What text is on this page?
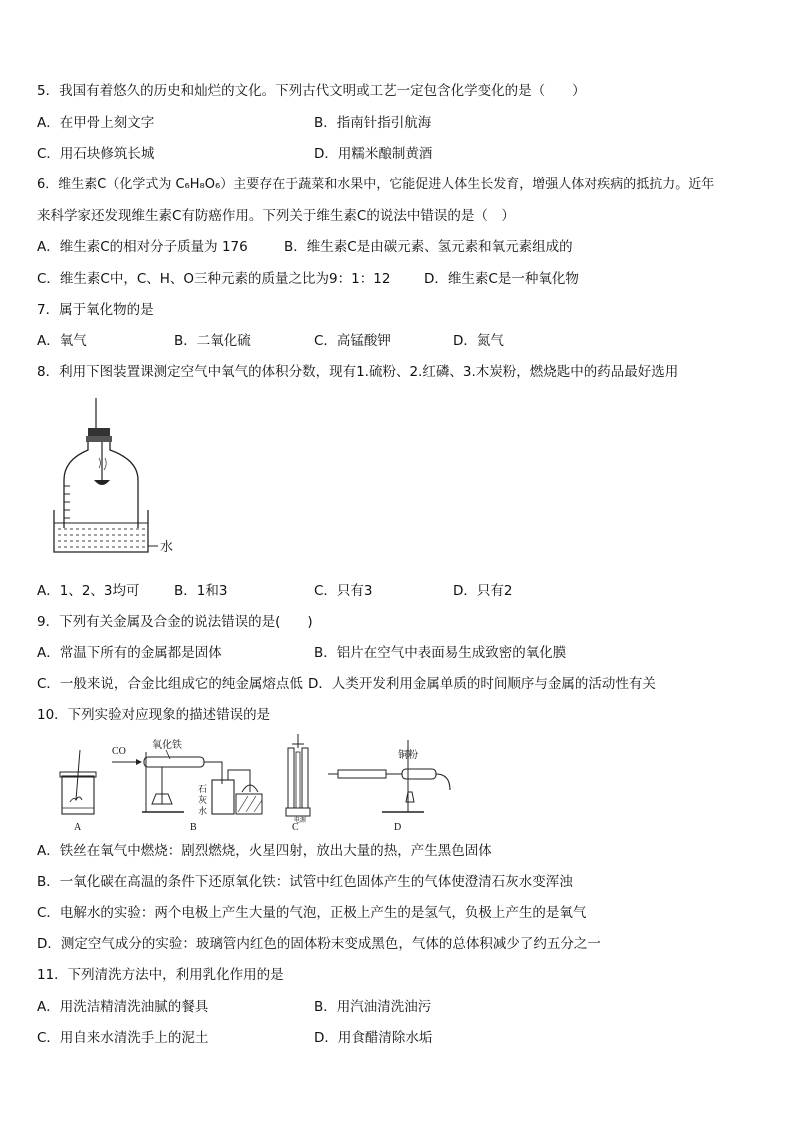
5．我国有着悠久的历史和灿烂的文化。下列古代文明或工艺一定包含化学变化的是（　　）
A．在甲骨上刻文字	B．指南针指引航海
C．用石块修筑长城	D．用糯米酿制黄酒
6．维生素C（化学式为 C₆H₈O₆）主要存在于蔬菜和水果中，它能促进人体生长发育，增强人体对疾病的抵抗力。近年
来科学家还发现维生素C有防癌作用。下列关于维生素C的说法中错误的是（　）
A．维生素C的相对分子质量为 176	B．维生素C是由碳元素、氢元素和氧元素组成的
C．维生素C中，C、H、O三种元素的质量之比为9：1：12 D．维生素C是一种氧化物
7．属于氧化物的是
A．氧气	B．二氧化硫	C．高锰酸钾	D．氮气
8．利用下图装置课测定空气中氧气的体积分数，现有1.硫粉、2.红磷、3.木炭粉，燃烧匙中的药品最好选用
水
A．1、2、3均可	B．1和3	C．只有3	D．只有2
9．下列有关金属及合金的说法错误的是(　　)
A．常温下所有的金属都是固体	B．铝片在空气中表面易生成致密的氧化膜
C．一般来说，合金比组成它的纯金属熔点低 D．人类开发利用金属单质的时间顺序与金属的活动性有关
10．下列实验对应现象的描述错误的是
A
CO
氧化铁
石
灰
水
B
电源
C
铜粉
D
A．铁丝在氧气中燃烧：剧烈燃烧，火星四射，放出大量的热，产生黑色固体
B．一氧化碳在高温的条件下还原氧化铁：试管中红色固体产生的气体使澄清石灰水变浑浊
C．电解水的实验：两个电极上产生大量的气泡，正极上产生的是氢气，负极上产生的是氧气
D．测定空气成分的实验：玻璃管内红色的固体粉末变成黑色，气体的总体积减少了约五分之一
11．下列清洗方法中，利用乳化作用的是
A．用洗洁精清洗油腻的餐具	B．用汽油清洗油污
C．用自来水清洗手上的泥土	D．用食醋清除水垢
